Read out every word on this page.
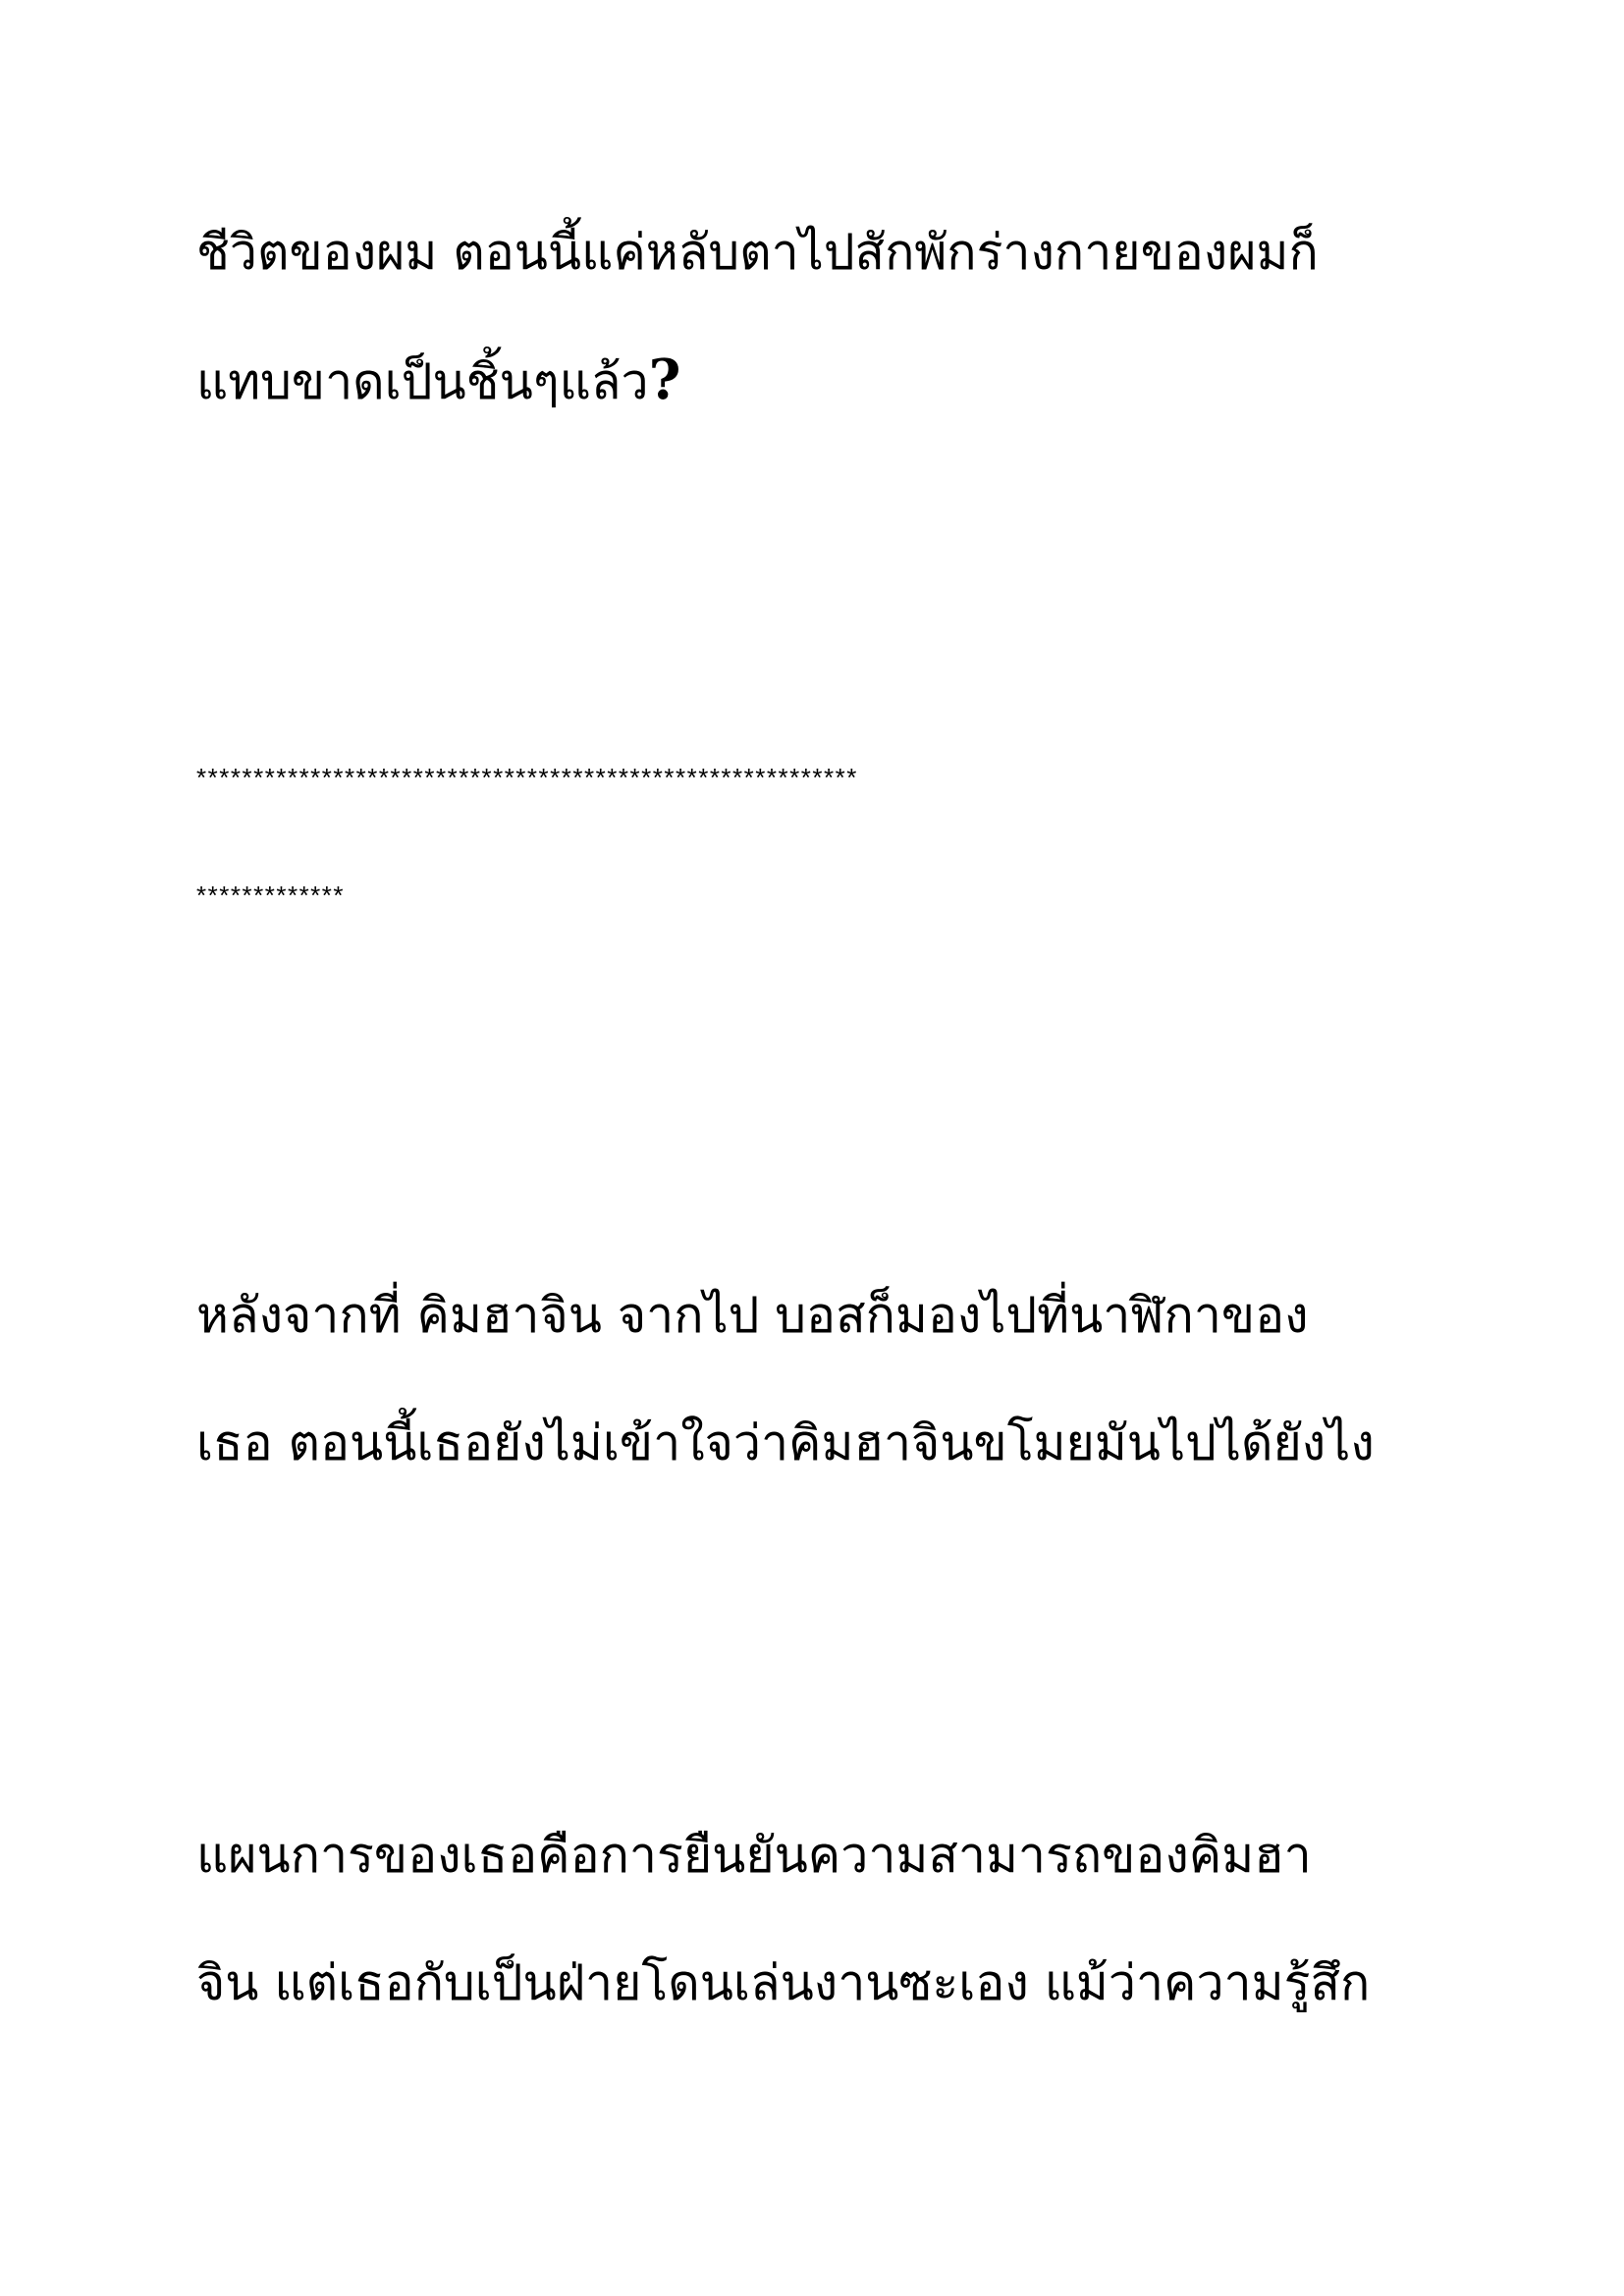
ชีวิตของผม ตอนนี้แค่หลับตาไปสักพักร่างกายของผมก็
แทบขาดเป็นชิ้นๆแล้ว?
**********************************************************
*************
หลังจากที่ คิมฮาจิน จากไป บอสก็มองไปที่นาฬิกาของ
เธอ ตอนนี้เธอยังไม่เข้าใจว่าคิมฮาจินขโมยมันไปได้ยังไง
แผนการของเธอคือการยืนยันความสามารถของคิมฮา
จิน แต่เธอกับเป็นฝ่ายโดนเล่นงานซะเอง แม้ว่าความรู้สึก
